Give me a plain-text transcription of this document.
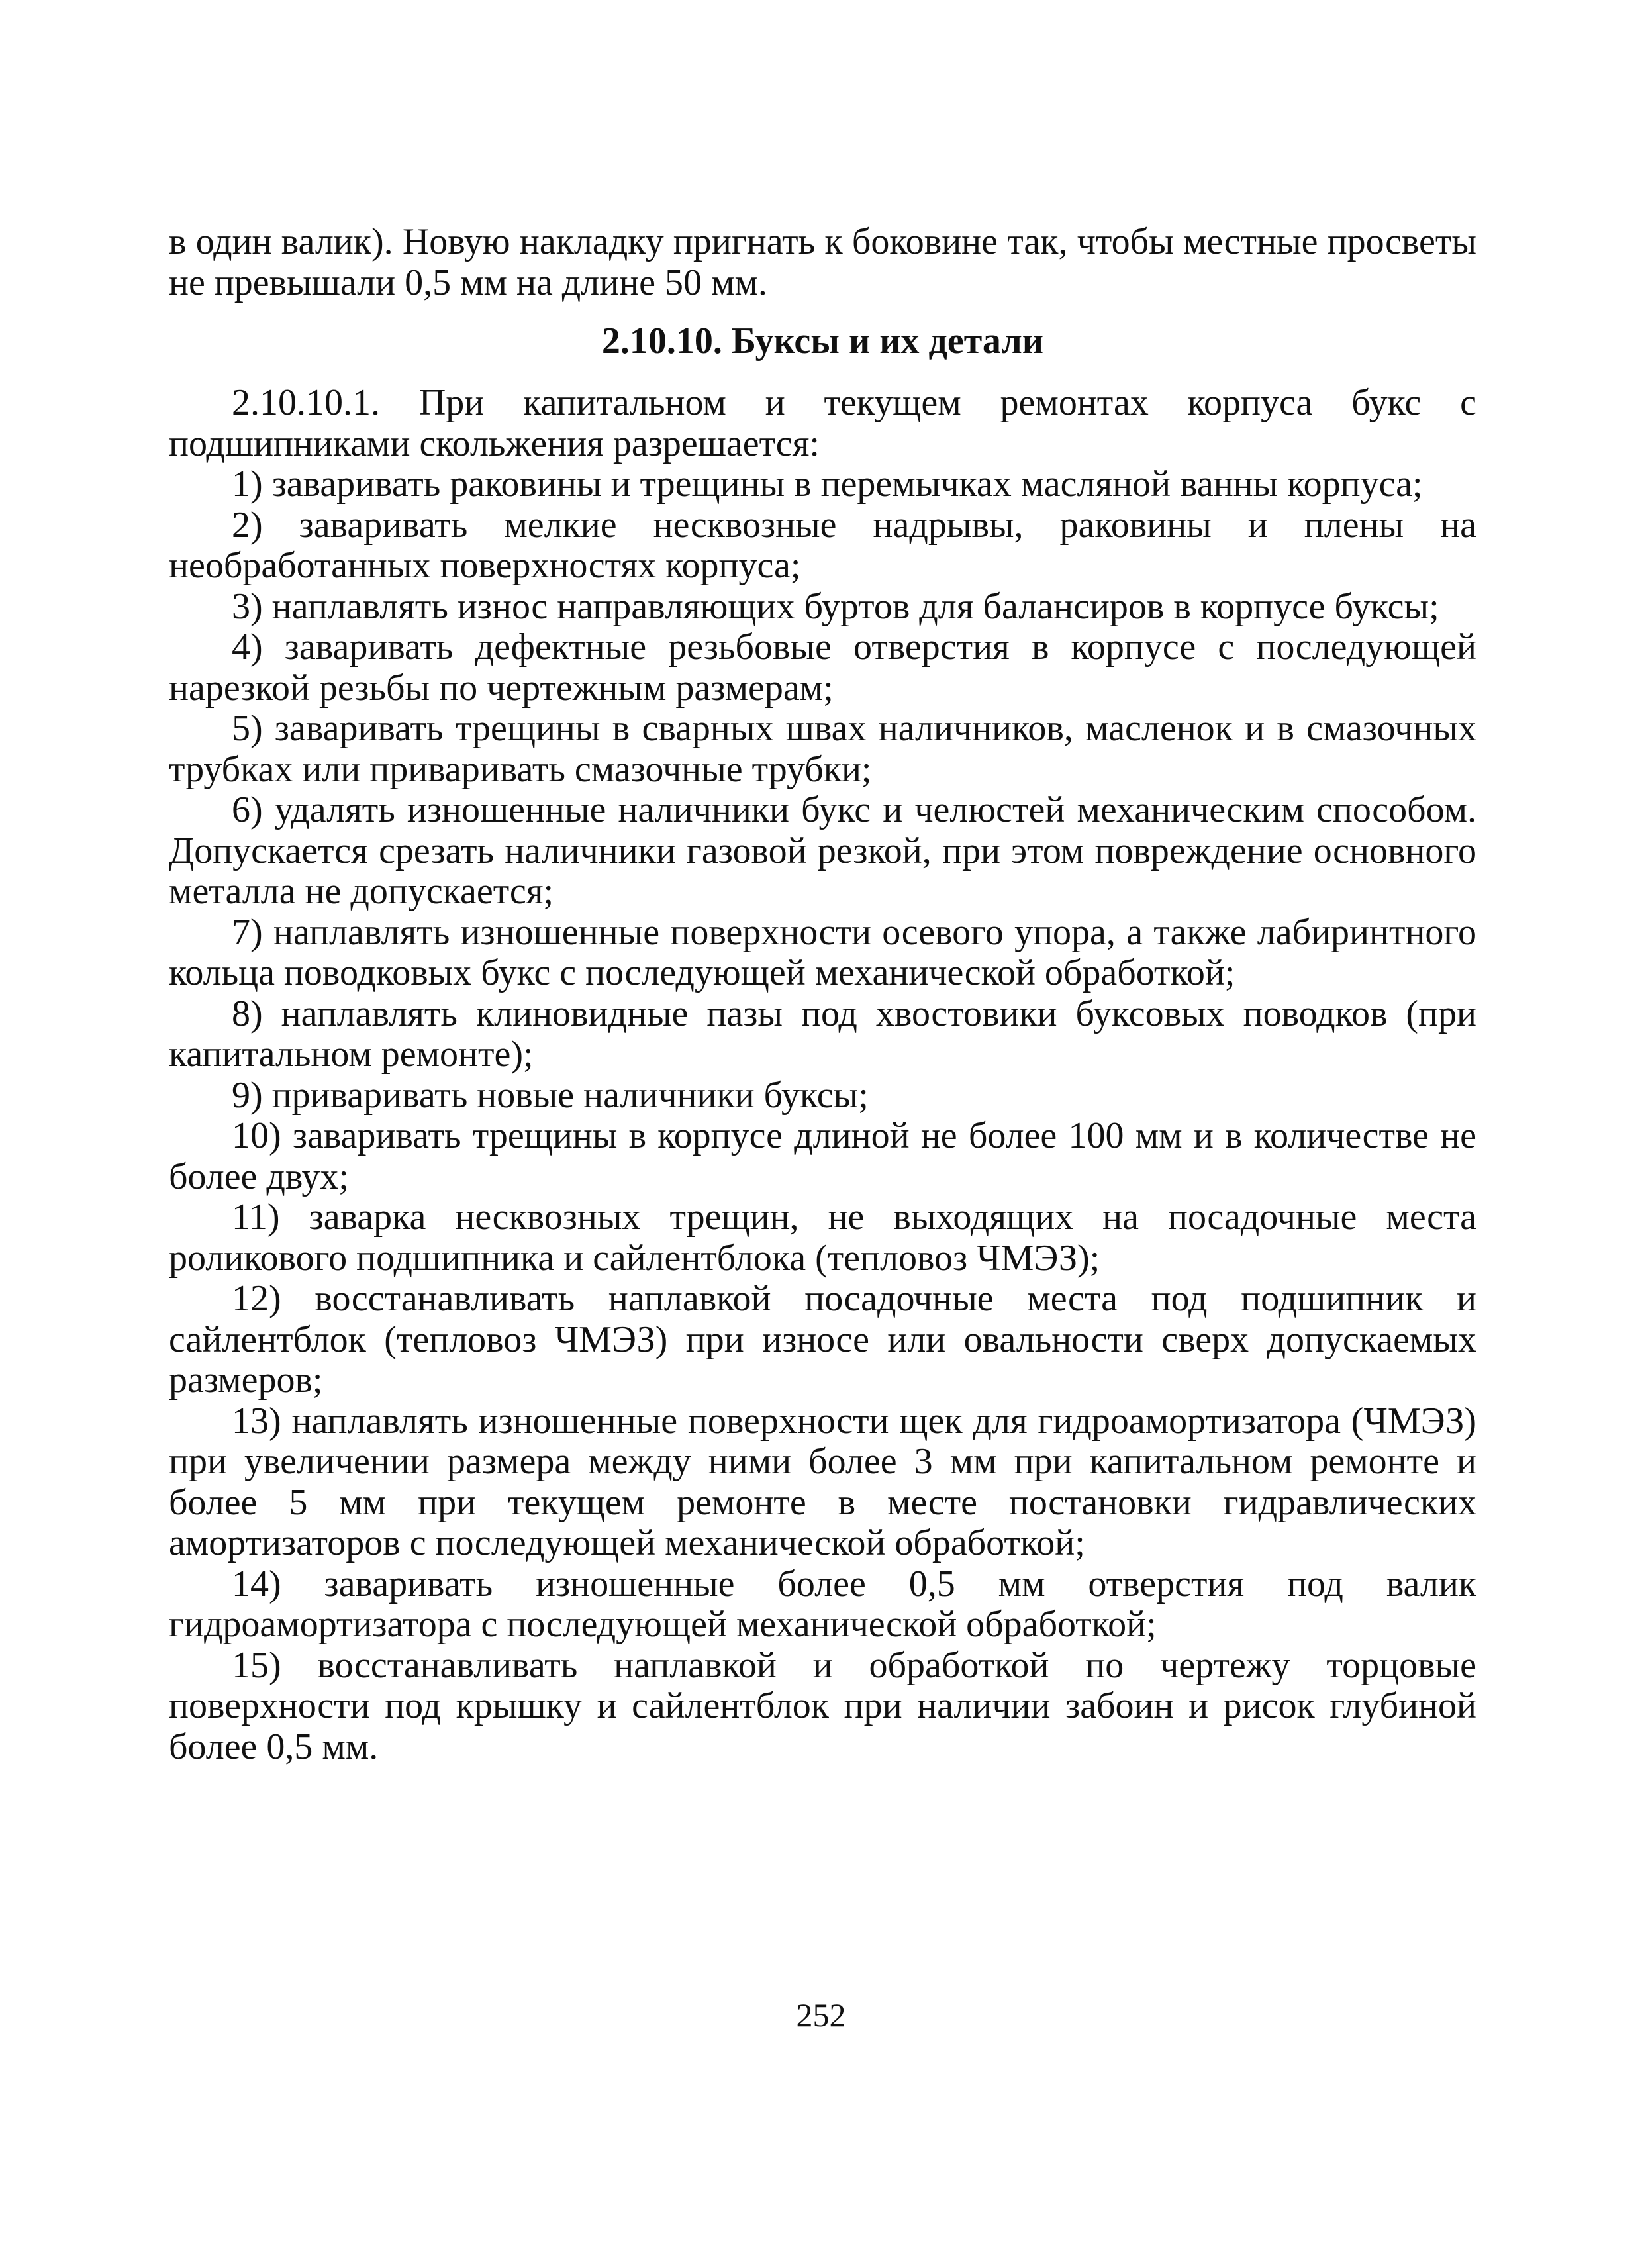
в один валик). Новую накладку пригнать к боковине так, чтобы местные просветы не превышали 0,5 мм на длине 50 мм.

2.10.10. Буксы и их детали

2.10.10.1. При капитальном и текущем ремонтах корпуса букс с подшипниками скольжения разрешается:

1) заваривать раковины и трещины в перемычках масляной ванны корпуса;

2) заваривать мелкие несквозные надрывы, раковины и плены на необработанных поверхностях корпуса;

3) наплавлять износ направляющих буртов для балансиров в корпусе буксы;

4) заваривать дефектные резьбовые отверстия в корпусе с последующей нарезкой резьбы по чертежным размерам;

5) заваривать трещины в сварных швах наличников, масленок и в смазочных трубках или приваривать смазочные трубки;

6) удалять изношенные наличники букс и челюстей механическим способом. Допускается срезать наличники газовой резкой, при этом повреждение основного металла не допускается;

7) наплавлять изношенные поверхности осевого упора, а также лабиринтного кольца поводковых букс с последующей механической обработкой;

8) наплавлять клиновидные пазы под хвостовики буксовых поводков (при капитальном ремонте);

9) приваривать новые наличники буксы;

10) заваривать трещины в корпусе длиной не более 100 мм и в количестве не более двух;

11) заварка несквозных трещин, не выходящих на посадочные места роликового подшипника и сайлентблока (тепловоз ЧМЭЗ);

12) восстанавливать наплавкой посадочные места под подшипник и сайлентблок (тепловоз ЧМЭЗ) при износе или овальности сверх допускаемых размеров;

13) наплавлять изношенные поверхности щек для гидроамортизатора (ЧМЭЗ) при увеличении размера между ними более 3 мм при капитальном ремонте и более 5 мм при текущем ремонте в месте постановки гидравлических амортизаторов с последующей механической обработкой;

14) заваривать изношенные более 0,5 мм отверстия под валик гидроамортизатора с последующей механической обработкой;

15) восстанавливать наплавкой и обработкой по чертежу торцовые поверхности под крышку и сайлентблок при наличии забоин и рисок глубиной более 0,5 мм.

252
